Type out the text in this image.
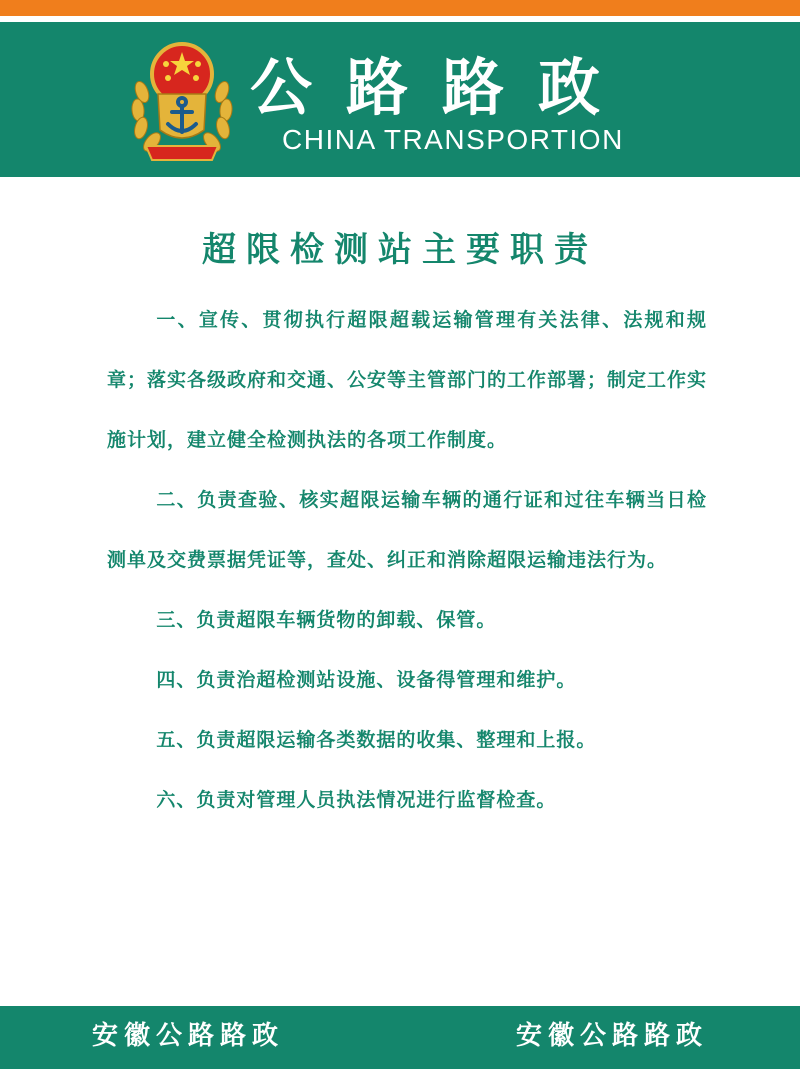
公路路政
CHINA TRANSPORTION
超限检测站主要职责

一、宣传、贯彻执行超限超载运输管理有关法律、法规和规章；落实各级政府和交通、公安等主管部门的工作部署；制定工作实施计划，建立健全检测执法的各项工作制度。

二、负责查验、核实超限运输车辆的通行证和过往车辆当日检测单及交费票据凭证等，查处、纠正和消除超限运输违法行为。

三、负责超限车辆货物的卸载、保管。

四、负责治超检测站设施、设备得管理和维护。

五、负责超限运输各类数据的收集、整理和上报。

六、负责对管理人员执法情况进行监督检查。

安徽公路路政	安徽公路路政
